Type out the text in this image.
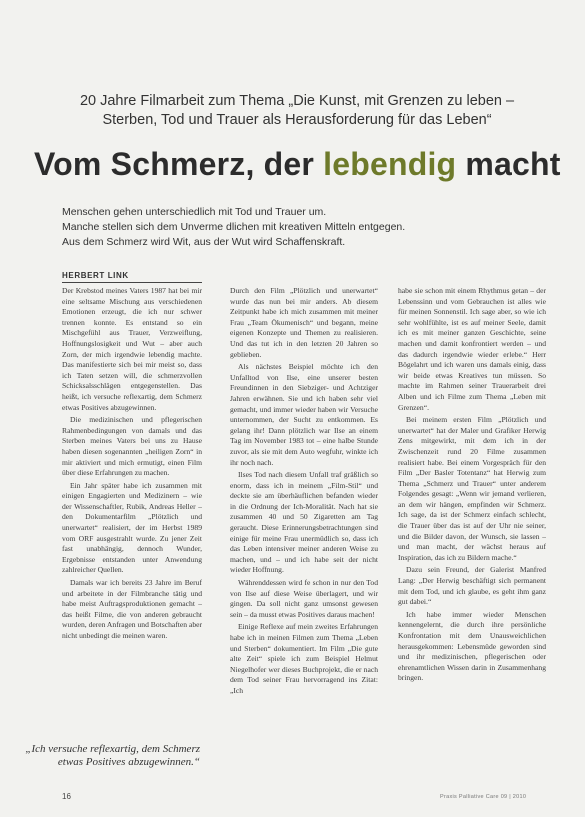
20 Jahre Filmarbeit zum Thema „Die Kunst, mit Grenzen zu leben –
Sterben, Tod und Trauer als Herausforderung für das Leben“
Vom Schmerz, der lebendig macht
Menschen gehen unterschiedlich mit Tod und Trauer um.
Manche stellen sich dem Unverme dlichen mit kreativen Mitteln entgegen.
Aus dem Schmerz wird Wit, aus der Wut wird Schaffenskraft.
HERBERT LINK

Der Krebstod meines Vaters 1987 hat bei mir eine seltsame Mischung aus verschiedenen Emotionen erzeugt, die ich nur schwer trennen konnte. Es entstand so ein Mischgefühl aus Trauer, Verzweiflung, Hoffnungslosigkeit und Wut – aber auch Zorn, der mich irgendwie lebendig machte. Das manifestierte sich bei mir meist so, dass ich Taten setzen will, die schmerzvollen Schicksalsschlägen entgegenstellen. Das heißt, ich versuche reflexartig, dem Schmerz etwas Positives abzugewinnen.

Die medizinischen und pflegerischen Rahmenbedingungen von damals und das Sterben meines Vaters bei uns zu Hause haben diesen sogenannten „heiligen Zorn“ in mir aktiviert und mich ermutigt, einen Film über diese Erfahrungen zu machen.

Ein Jahr später habe ich zusammen mit einigen Engagierten und Medizinern – wie der Wissenschaftler, Rubik, Andreas Heller – den Dokumentarfilm „Plötzlich und unerwartet“ realisiert, der im Herbst 1989 vom ORF ausgestrahlt wurde. Zu jener Zeit fast unabhängig, dennoch Wunder, Ergebnisse entstanden unter Anwendung zahlreicher Quellen.

Damals war ich bereits 23 Jahre im Beruf und arbeitete in der Filmbranche tätig und habe meist Auftragsproduktionen gemacht – das heißt Filme, die von anderen gebraucht wurden, deren Anfragen und Botschaften aber nicht unbedingt die meinen waren.

Durch den Film „Plötzlich und unerwartet“ wurde das nun bei mir anders. Ab diesem Zeitpunkt habe ich mich zusammen mit meiner Frau „Team Ökumenisch“ und begann, meine eigenen Konzepte und Themen zu realisieren. Und das tut ich in den letzten 20 Jahren so geblieben.

Als nächstes Beispiel möchte ich den Unfalltod von Ilse, eine unserer besten Freundinnen in den Siebziger- und Achtziger Jahren erwähnen. Sie und ich haben sehr viel gemacht, und immer wieder haben wir Versuche unternommen, der Sucht zu entkommen. Es gelang ihr! Dann plötzlich war Ilse an einem Tag im November 1983 tot – eine halbe Stunde zuvor, als sie mit dem Auto wegfuhr, winkte ich ihr noch nach.

Ilses Tod nach diesem Unfall traf gräßlich so enorm, dass ich in meinem „Film-Stil“ und deckte sie am überhäuflichen befanden wieder in die Ordnung der Ich-Moralität. Nach hat sie zusammen 40 und 50 Zigaretten am Tag geraucht. Diese Erinnerungsbetrachtungen sind einige für meine Frau unermüdlich so, dass ich das Leben intensiver meiner anderen Weise zu machen, und – und ich habe seit der nicht wieder Hoffnung.

Währenddessen wird fe schon in nur den Tod von Ilse auf diese Weise überlagert, und wir gingen. Da soll nicht ganz umsonst gewesen sein – da musst etwas Positives daraus machen!

Einige Reflexe auf mein zweites Erfahrungen habe ich in meinen Filmen zum Thema „Leben und Sterben“ dokumentiert. Im Film „Die gute alte Zeit“ spiele ich zum Beispiel Helmut Niegelhofer wer dieses Buchprojekt, die er nach dem Tod seiner Frau hervorragend ins Zitat: „Ich

habe sie schon mit einem Rhythmus getan – der Lebenssinn und vom Gebrauchen ist alles wie für meinen Sonnenstil. Ich sage aber, so wie ich sehr wohlfühlte, ist es auf meiner Seele, damit ich es mit meiner ganzen Geschichte, seine machen und damit konfrontiert werden – und das dadurch irgendwie wieder erlebe.“ Herr Bögelahrt und ich waren uns damals einig, dass wir beide etwas Kreatives tun müssen. So machte im Rahmen seiner Trauerarbeit drei Alben und ich Filme zum Thema „Leben mit Grenzen“.

Bei meinem ersten Film „Plötzlich und unerwartet“ hat der Maler und Grafiker Herwig Zens mitgewirkt, mit dem ich in der Zwischenzeit rund 20 Filme zusammen realisiert habe. Bei einem Vorgespräch für den Film „Der Basler Totentanz“ hat Herwig zum Thema „Schmerz und Trauer“ unter anderem Folgendes gesagt: „Wenn wir jemand verlieren, an dem wir hängen, empfinden wir Schmerz. Ich sage, da ist der Schmerz einfach schlecht, die Trauer über das ist auf der Uhr nie seiner, und die Bilder davon, der Wunsch, sie lassen – und man macht, der wächst heraus auf Inspiration, das ich zu Bildern mache.“

Dazu sein Freund, der Galerist Manfred Lang: „Der Herwig beschäftigt sich permanent mit dem Tod, und ich glaube, es geht ihm ganz gut dabei.“

Ich habe immer wieder Menschen kennengelernt, die durch ihre persönliche Konfrontation mit dem Unausweichlichen herausgekommen: Lebensmüde geworden sind und ihr medizinischen, pflegerischen oder ehrenamtlichen Wissen darin in Zusammenhang bringen.

„Ich versuche reflexartig, dem Schmerz etwas Positives abzugewinnen.“
16	Praxis Palliative Care 09 | 2010
